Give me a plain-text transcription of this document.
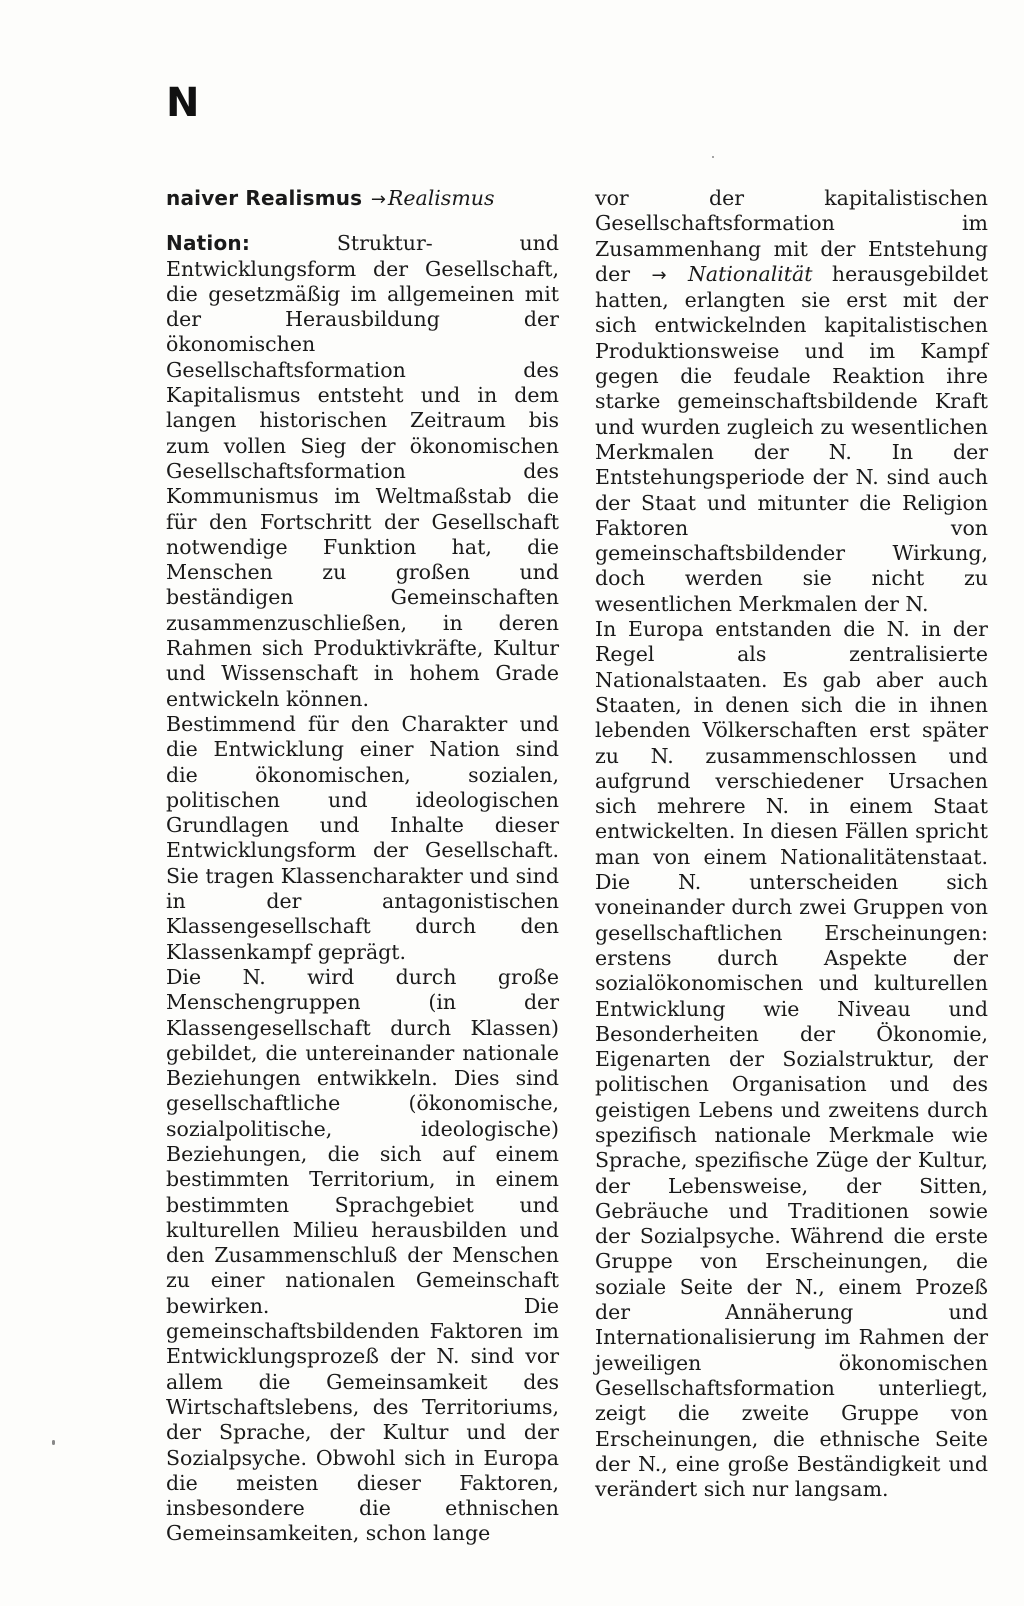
N

naiver Realismus →Realismus

Nation: Struktur- und Entwicklungsform der Gesellschaft, die gesetzmäßig im allgemeinen mit der Herausbildung der ökonomischen Gesellschaftsformation des Kapitalismus entsteht und in dem langen historischen Zeitraum bis zum vollen Sieg der ökonomischen Gesellschaftsformation des Kommunismus im Weltmaßstab die für den Fortschritt der Gesellschaft notwendige Funktion hat, die Menschen zu großen und beständigen Gemeinschaften zusammenzuschließen, in deren Rahmen sich Produktivkräfte, Kultur und Wissenschaft in hohem Grade entwickeln können.

Bestimmend für den Charakter und die Entwicklung einer Nation sind die ökonomischen, sozialen, politischen und ideologischen Grundlagen und Inhalte dieser Entwicklungsform der Gesellschaft. Sie tragen Klassencharakter und sind in der antagonistischen Klassengesellschaft durch den Klassenkampf geprägt.

Die N. wird durch große Menschengruppen (in der Klassengesellschaft durch Klassen) gebildet, die untereinander nationale Beziehungen entwikkeln. Dies sind gesellschaftliche (ökonomische, sozialpolitische, ideologische) Beziehungen, die sich auf einem bestimmten Territorium, in einem bestimmten Sprachgebiet und kulturellen Milieu herausbilden und den Zusammenschluß der Menschen zu einer nationalen Gemeinschaft bewirken. Die gemeinschaftsbildenden Faktoren im Entwicklungsprozeß der N. sind vor allem die Gemeinsamkeit des Wirtschaftslebens, des Territoriums, der Sprache, der Kultur und der Sozialpsyche. Obwohl sich in Europa die meisten dieser Faktoren, insbesondere die ethnischen Gemeinsamkeiten, schon lange

vor der kapitalistischen Gesellschaftsformation im Zusammenhang mit der Entstehung der → Nationalität herausgebildet hatten, erlangten sie erst mit der sich entwickelnden kapitalistischen Produktionsweise und im Kampf gegen die feudale Reaktion ihre starke gemeinschaftsbildende Kraft und wurden zugleich zu wesentlichen Merkmalen der N. In der Entstehungsperiode der N. sind auch der Staat und mitunter die Religion Faktoren von gemeinschaftsbildender Wirkung, doch werden sie nicht zu wesentlichen Merkmalen der N.

In Europa entstanden die N. in der Regel als zentralisierte Nationalstaaten. Es gab aber auch Staaten, in denen sich die in ihnen lebenden Völkerschaften erst später zu N. zusammenschlossen und aufgrund verschiedener Ursachen sich mehrere N. in einem Staat entwickelten. In diesen Fällen spricht man von einem Nationalitätenstaat. Die N. unterscheiden sich voneinander durch zwei Gruppen von gesellschaftlichen Erscheinungen: erstens durch Aspekte der sozialökonomischen und kulturellen Entwicklung wie Niveau und Besonderheiten der Ökonomie, Eigenarten der Sozialstruktur, der politischen Organisation und des geistigen Lebens und zweitens durch spezifisch nationale Merkmale wie Sprache, spezifische Züge der Kultur, der Lebensweise, der Sitten, Gebräuche und Traditionen sowie der Sozialpsyche. Während die erste Gruppe von Erscheinungen, die soziale Seite der N., einem Prozeß der Annäherung und Internationalisierung im Rahmen der jeweiligen ökonomischen Gesellschaftsformation unterliegt, zeigt die zweite Gruppe von Erscheinungen, die ethnische Seite der N., eine große Beständigkeit und verändert sich nur langsam.
